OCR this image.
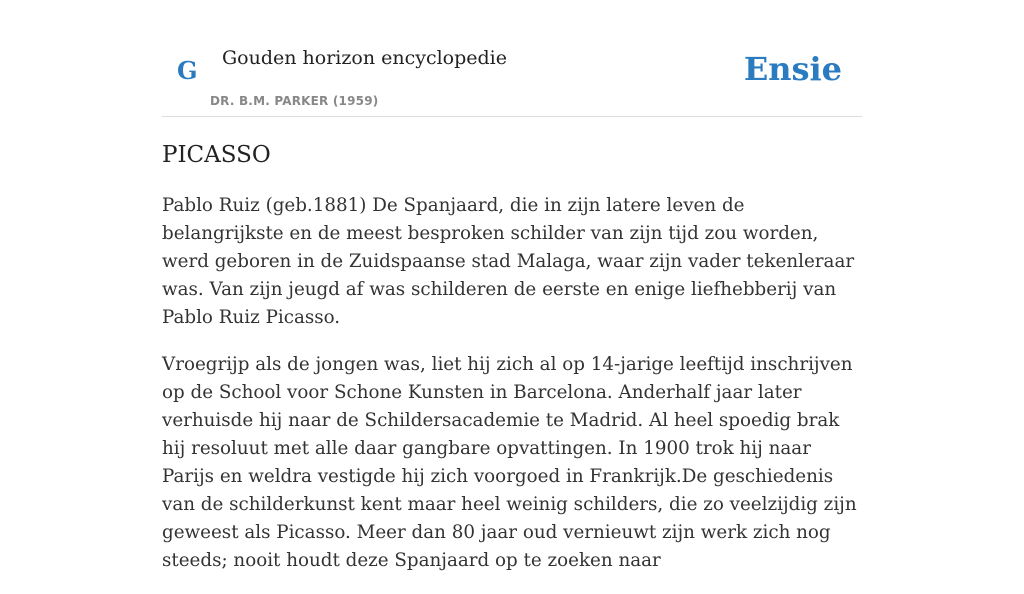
G Gouden horizon encyclopedie
DR. B.M. PARKER (1959)
Ensie
PICASSO

Pablo Ruiz (geb.1881) De Spanjaard, die in zijn latere leven de belangrijkste en de meest besproken schilder van zijn tijd zou worden, werd geboren in de Zuidspaanse stad Malaga, waar zijn vader tekenleraar was. Van zijn jeugd af was schilderen de eerste en enige liefhebberij van Pablo Ruiz Picasso.

Vroegrijp als de jongen was, liet hij zich al op 14-jarige leeftijd inschrijven op de School voor Schone Kunsten in Barcelona. Anderhalf jaar later verhuisde hij naar de Schildersacademie te Madrid. Al heel spoedig brak hij resoluut met alle daar gangbare opvattingen. In 1900 trok hij naar Parijs en weldra vestigde hij zich voorgoed in Frankrijk.De geschiedenis van de schilderkunst kent maar heel weinig schilders, die zo veelzijdig zijn geweest als Picasso. Meer dan 80 jaar oud vernieuwt zijn werk zich nog steeds; nooit houdt deze Spanjaard op te zoeken naar
